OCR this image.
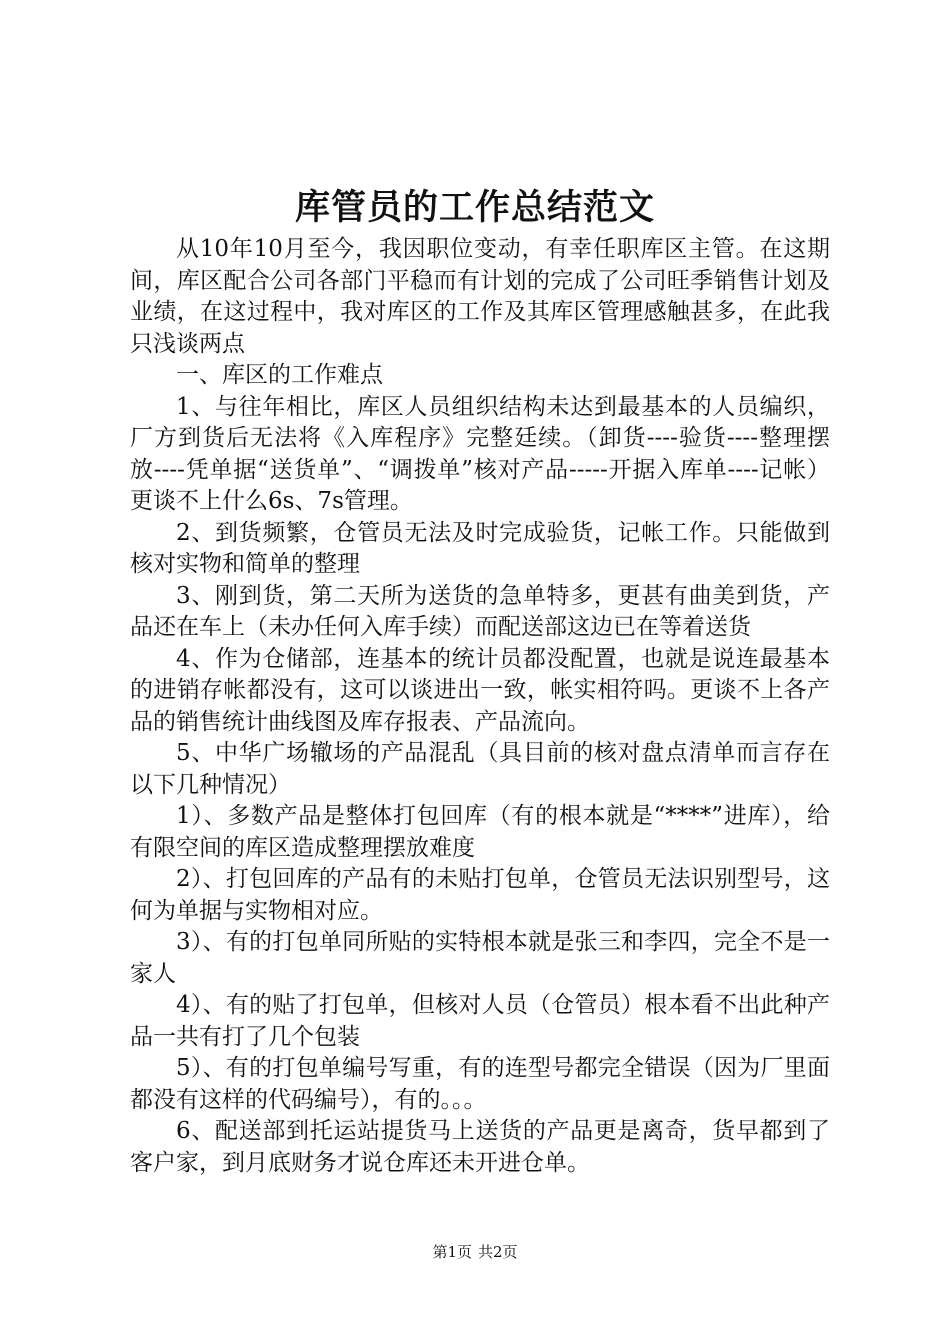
库管员的工作总结范文

从10年10月至今，我因职位变动，有幸任职库区主管。在这期间，库区配合公司各部门平稳而有计划的完成了公司旺季销售计划及业绩，在这过程中，我对库区的工作及其库区管理感触甚多，在此我只浅谈两点

一、库区的工作难点

1、与往年相比，库区人员组织结构未达到最基本的人员编织，厂方到货后无法将《入库程序》完整廷续。（卸货----验货----整理摆放----凭单据“送货单”、“调拨单”核对产品-----开据入库单----记帐）更谈不上什么6s、7s管理。

2、到货频繁，仓管员无法及时完成验货，记帐工作。只能做到核对实物和简单的整理

3、刚到货，第二天所为送货的急单特多，更甚有曲美到货，产品还在车上（未办任何入库手续）而配送部这边已在等着送货

4、作为仓储部，连基本的统计员都没配置，也就是说连最基本的进销存帐都没有，这可以谈进出一致，帐实相符吗。更谈不上各产品的销售统计曲线图及库存报表、产品流向。

5、中华广场辙场的产品混乱（具目前的核对盘点清单而言存在以下几种情况）

1）、多数产品是整体打包回库（有的根本就是“****”进库），给有限空间的库区造成整理摆放难度

2）、打包回库的产品有的未贴打包单，仓管员无法识别型号，这何为单据与实物相对应。

3）、有的打包单同所贴的实特根本就是张三和李四，完全不是一家人

4）、有的贴了打包单，但核对人员（仓管员）根本看不出此种产品一共有打了几个包装

5）、有的打包单编号写重，有的连型号都完全错误（因为厂里面都没有这样的代码编号），有的。。。

6、配送部到托运站提货马上送货的产品更是离奇，货早都到了客户家，到月底财务才说仓库还未开进仓单。

第1页 共2页
